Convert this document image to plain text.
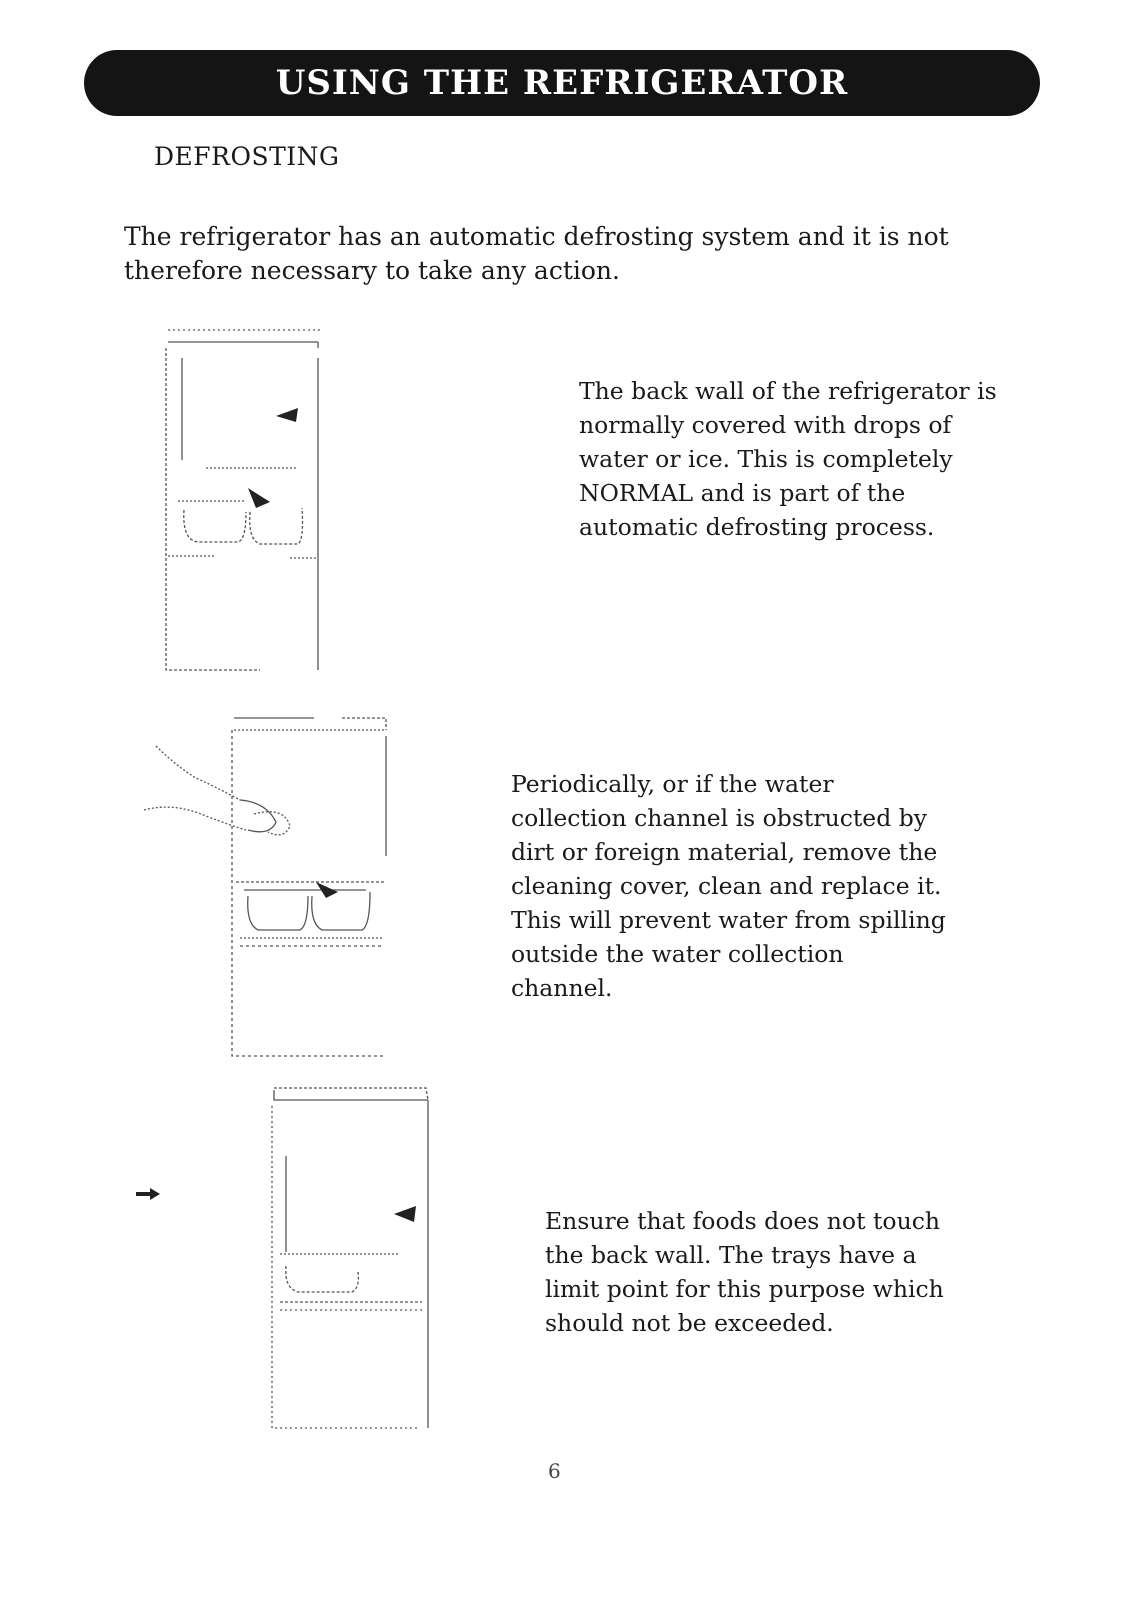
USING THE REFRIGERATOR
DEFROSTING

The refrigerator has an automatic defrosting system and it is not therefore necessary to take any action.

The back wall of the refrigerator is normally covered with drops of water or ice. This is completely NORMAL and is part of the automatic defrosting process.
Periodically, or if the water collection channel is obstructed by dirt or foreign material, remove the cleaning cover, clean and replace it. This will prevent water from spilling outside the water collection channel.
Ensure that foods does not touch the back wall. The trays have a limit point for this purpose which should not be exceeded.
6
